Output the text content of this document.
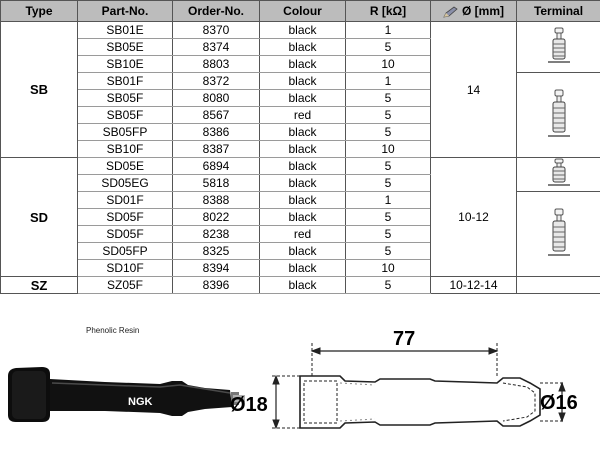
Type	Part-No.	Order-No.	Colour	R [kΩ]	Ø [mm]	Terminal
SB	SB01E	8370	black	1	14	
	SB05E	8374	black	5		
	SB10E	8803	black	10		
	SB01F	8372	black	1	
	SB05F	8080	black	5		
	SB05F	8567	red	5		
	SB05FP	8386	black	5		
	SB10F	8387	black	10		
SD	SD05E	6894	black	5	10-12	
	SD05EG	5818	black	5		
	SD01F	8388	black	1	
	SD05F	8022	black	5		
	SD05F	8238	red	5		
	SD05FP	8325	black	5		
	SD10F	8394	black	10		
SZ	SZ05F	8396	black	5	10-12-14	
Phenolic Resin
NGK
77
Ø18	Ø16
